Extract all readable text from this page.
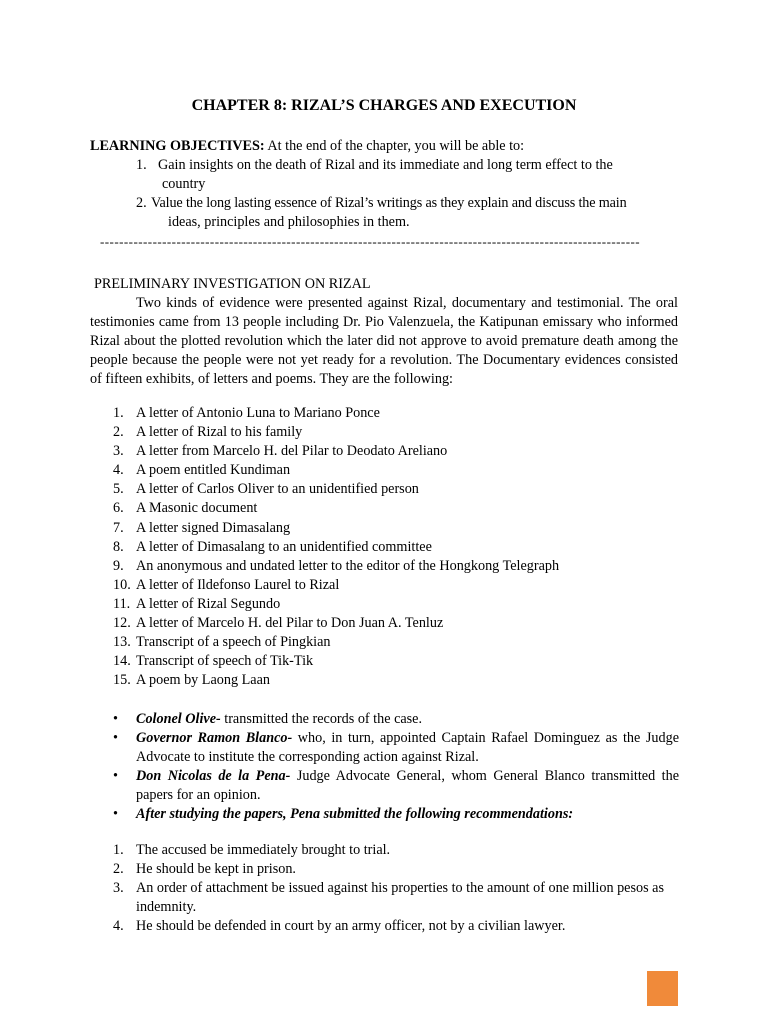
CHAPTER 8: RIZAL’S CHARGES AND EXECUTION
LEARNING OBJECTIVES: At the end of the chapter, you will be able to:
1. Gain insights on the death of Rizal and its immediate and long term effect to the
country
2. Value the long lasting essence of Rizal’s writings as they explain and discuss the main
ideas, principles and philosophies in them.
-----------------------------------------------------------------------------------------------------------------
PRELIMINARY INVESTIGATION ON RIZAL
Two kinds of evidence were presented against Rizal, documentary and testimonial. The oral testimonies came from 13 people including Dr. Pio Valenzuela, the Katipunan emissary who informed Rizal about the plotted revolution which the later did not approve to avoid premature death among the people because the people were not yet ready for a revolution. The Documentary evidences consisted of fifteen exhibits, of letters and poems. They are the following:
1. A letter of Antonio Luna to Mariano Ponce
2. A letter of Rizal to his family
3. A letter from Marcelo H. del Pilar to Deodato Areliano
4. A poem entitled Kundiman
5. A letter of Carlos Oliver to an unidentified person
6. A Masonic document
7. A letter signed Dimasalang
8. A letter of Dimasalang to an unidentified committee
9. An anonymous and undated letter to the editor of the Hongkong Telegraph
10. A letter of Ildefonso Laurel to Rizal
11. A letter of Rizal Segundo
12. A letter of Marcelo H. del Pilar to Don Juan A. Tenluz
13. Transcript of a speech of Pingkian
14. Transcript of speech of Tik-Tik
15. A poem by Laong Laan
• Colonel Olive- transmitted the records of the case.
• Governor Ramon Blanco- who, in turn, appointed Captain Rafael Dominguez as the Judge Advocate to institute the corresponding action against Rizal.
• Don Nicolas de la Pena- Judge Advocate General, whom General Blanco transmitted the papers for an opinion.
• After studying the papers, Pena submitted the following recommendations:
1. The accused be immediately brought to trial.
2. He should be kept in prison.
3. An order of attachment be issued against his properties to the amount of one million pesos as indemnity.
4. He should be defended in court by an army officer, not by a civilian lawyer.
